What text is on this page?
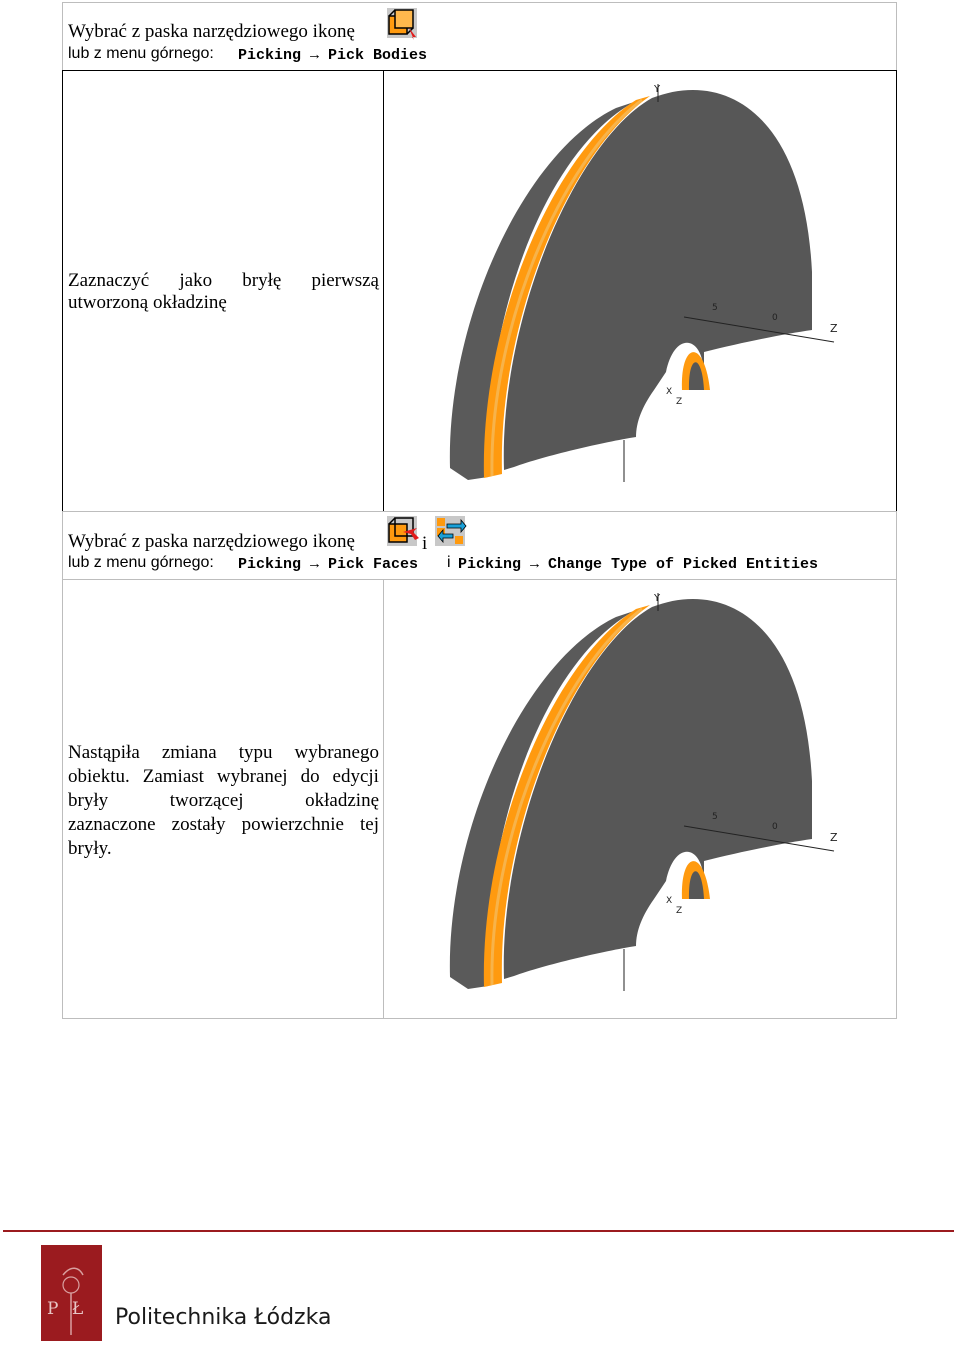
Wybrać z paska narzędziowego ikonę
lub z menu górnego: Picking → Pick Bodies
Zaznaczyć jako bryłę pierwszą
utworzoną okładzinę
Y
5
0
Z
X
Z
Wybrać z paska narzędziowego ikonę	i
lub z menu górnego: Picking → Pick Faces i Picking → Change Type of Picked Entities
Nastąpiła zmiana typu wybranego
obiektu. Zamiast wybranej do edycji
bryły	tworzącej	okładzinę
zaznaczone zostały powierzchnie tej
bryły.
Y
5
0
Z
X
Z
P Ł Politechnika Łódzka
